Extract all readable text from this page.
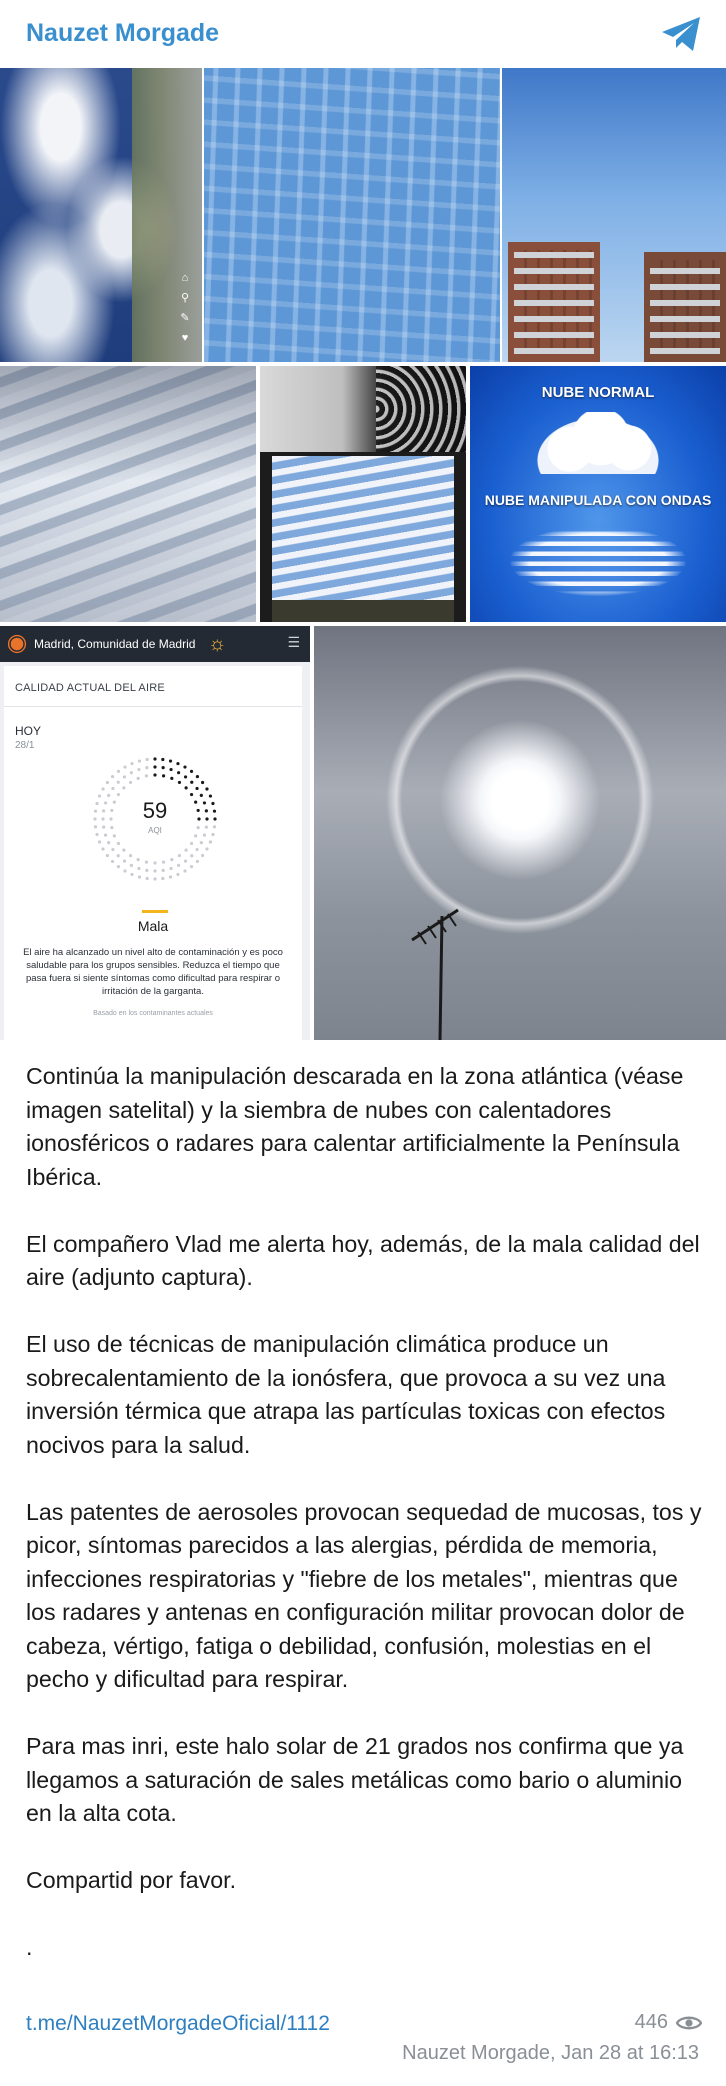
Nauzet Morgade
⌂
⚲
✎
♥
NUBE NORMAL
NUBE MANIPULADA CON ONDAS
Madrid, Comunidad de Madrid ☼	☰
CALIDAD ACTUAL DEL AIRE
HOY
28/1
59
AQI
Mala
El aire ha alcanzado un nivel alto de contaminación y es poco saludable para los grupos sensibles. Reduzca el tiempo que pasa fuera si siente síntomas como dificultad para respirar o irritación de la garganta.
Basado en los contaminantes actuales

Continúa la manipulación descarada en la zona atlántica (véase imagen satelital) y la siembra de nubes con calentadores ionosféricos o radares para calentar artificialmente la Península Ibérica.

El compañero Vlad me alerta hoy, además, de la mala calidad del aire (adjunto captura).

El uso de técnicas de manipulación climática produce un sobrecalentamiento de la ionósfera, que provoca a su vez una inversión térmica que atrapa las partículas toxicas con efectos nocivos para la salud.

Las patentes de aerosoles provocan sequedad de mucosas, tos y picor, síntomas parecidos a las alergias, pérdida de memoria, infecciones respiratorias y "fiebre de los metales", mientras que los radares y antenas en configuración militar provocan dolor de cabeza, vértigo, fatiga o debilidad, confusión, molestias en el pecho y dificultad para respirar.

Para mas inri, este halo solar de 21 grados nos confirma que ya llegamos a saturación de sales metálicas como bario o aluminio en la alta cota.

Compartid por favor.

.

t.me/NauzetMorgadeOficial/1112	446
Nauzet Morgade, Jan 28 at 16:13
